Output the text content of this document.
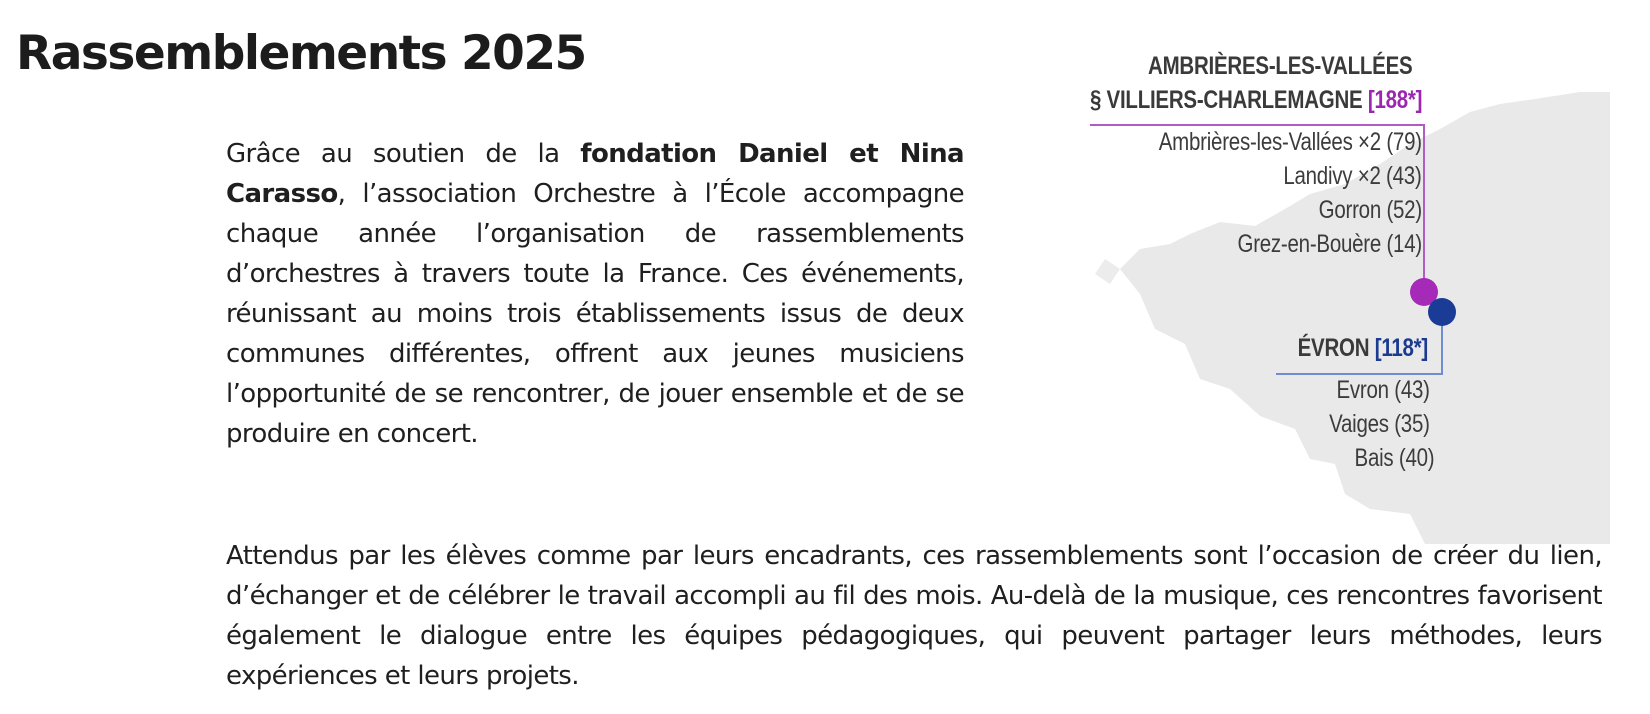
Rassemblements 2025

Grâce au soutien de la fondation Daniel et Nina Carasso, l’association Orchestre à l’École accompagne chaque année l’organisation de rassemblements d’orchestres à travers toute la France. Ces événements, réunissant au moins trois établissements issus de deux communes différentes, offrent aux jeunes musiciens l’opportunité de se rencontrer, de jouer ensemble et de se produire en concert.

Attendus par les élèves comme par leurs encadrants, ces rassemblements sont l’occasion de créer du lien, d’échanger et de célébrer le travail accompli au fil des mois. Au-delà de la musique, ces rencontres favorisent également le dialogue entre les équipes pédagogiques, qui peuvent partager leurs méthodes, leurs expériences et leurs projets.

AMBRIÈRES-LES-VALLÉES
§ VILLIERS-CHARLEMAGNE [188*]
Ambrières-les-Vallées ×2 (79)
Landivy ×2 (43)
Gorron (52)
Grez-en-Bouère (14)
ÉVRON [118*]
Evron (43)
Vaiges (35)
Bais (40)
